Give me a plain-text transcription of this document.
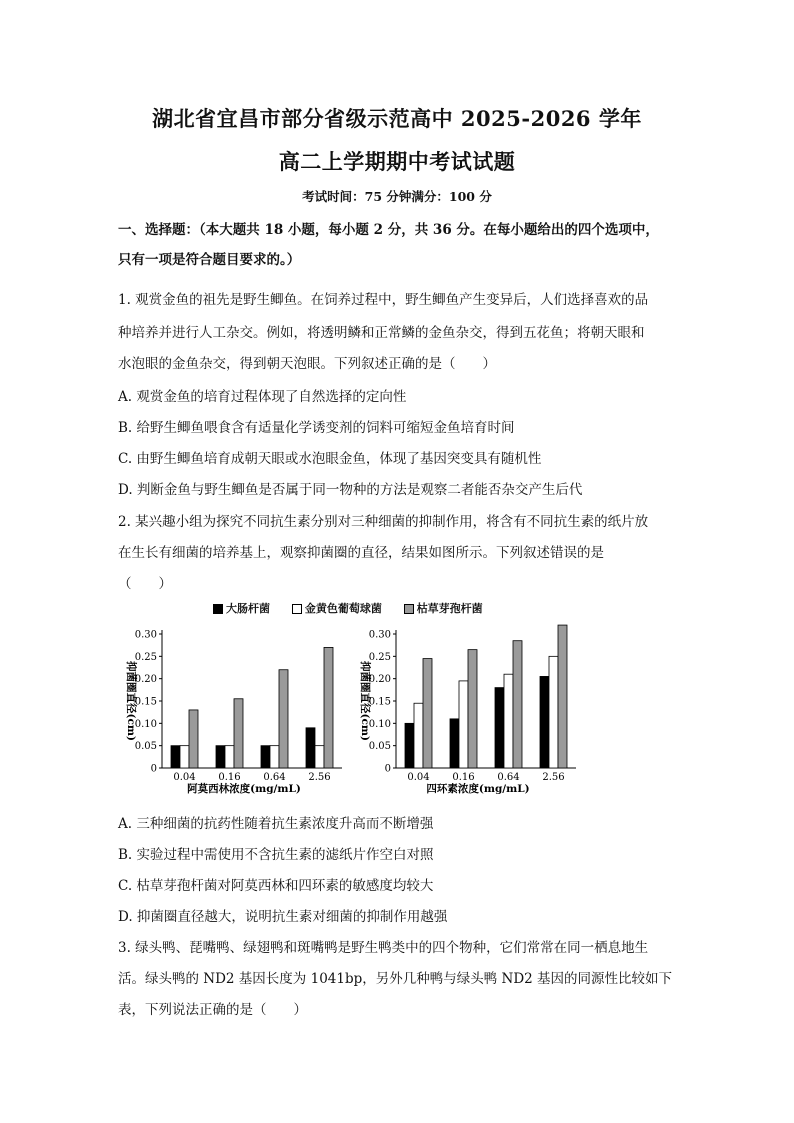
湖北省宜昌市部分省级示范高中 2025-2026 学年
高二上学期期中考试试题
考试时间：75 分钟满分：100 分
一、选择题：（本大题共 18 小题，每小题 2 分，共 36 分。在每小题给出的四个选项中，
只有一项是符合题目要求的。）
1. 观赏金鱼的祖先是野生鲫鱼。在饲养过程中，野生鲫鱼产生变异后，人们选择喜欢的品
种培养并进行人工杂交。例如，将透明鳞和正常鳞的金鱼杂交，得到五花鱼；将朝天眼和
水泡眼的金鱼杂交，得到朝天泡眼。下列叙述正确的是（　　）
A. 观赏金鱼的培育过程体现了自然选择的定向性
B. 给野生鲫鱼喂食含有适量化学诱变剂的饲料可缩短金鱼培育时间
C. 由野生鲫鱼培育成朝天眼或水泡眼金鱼，体现了基因突变具有随机性
D. 判断金鱼与野生鲫鱼是否属于同一物种的方法是观察二者能否杂交产生后代
2. 某兴趣小组为探究不同抗生素分别对三种细菌的抑制作用，将含有不同抗生素的纸片放
在生长有细菌的培养基上，观察抑菌圈的直径，结果如图所示。下列叙述错误的是
（　　）
大肠杆菌	金黄色葡萄球菌	枯草芽孢杆菌
0
0.05
0.10
0.15
0.20
0.25
0.30
0.04 0.16 0.64 2.56
阿莫西林浓度(mg/mL)
抑菌圈直径(cm)
0
0.05
0.10
0.15
0.20
0.25
0.30
0.04 0.16 0.64 2.56
四环素浓度(mg/mL)
抑菌圈直径(cm)
A. 三种细菌的抗药性随着抗生素浓度升高而不断增强
B. 实验过程中需使用不含抗生素的滤纸片作空白对照
C. 枯草芽孢杆菌对阿莫西林和四环素的敏感度均较大
D. 抑菌圈直径越大，说明抗生素对细菌的抑制作用越强
3. 绿头鸭、琵嘴鸭、绿翅鸭和斑嘴鸭是野生鸭类中的四个物种，它们常常在同一栖息地生
活。绿头鸭的 ND2 基因长度为 1041bp，另外几种鸭与绿头鸭 ND2 基因的同源性比较如下
表，下列说法正确的是（　　）
